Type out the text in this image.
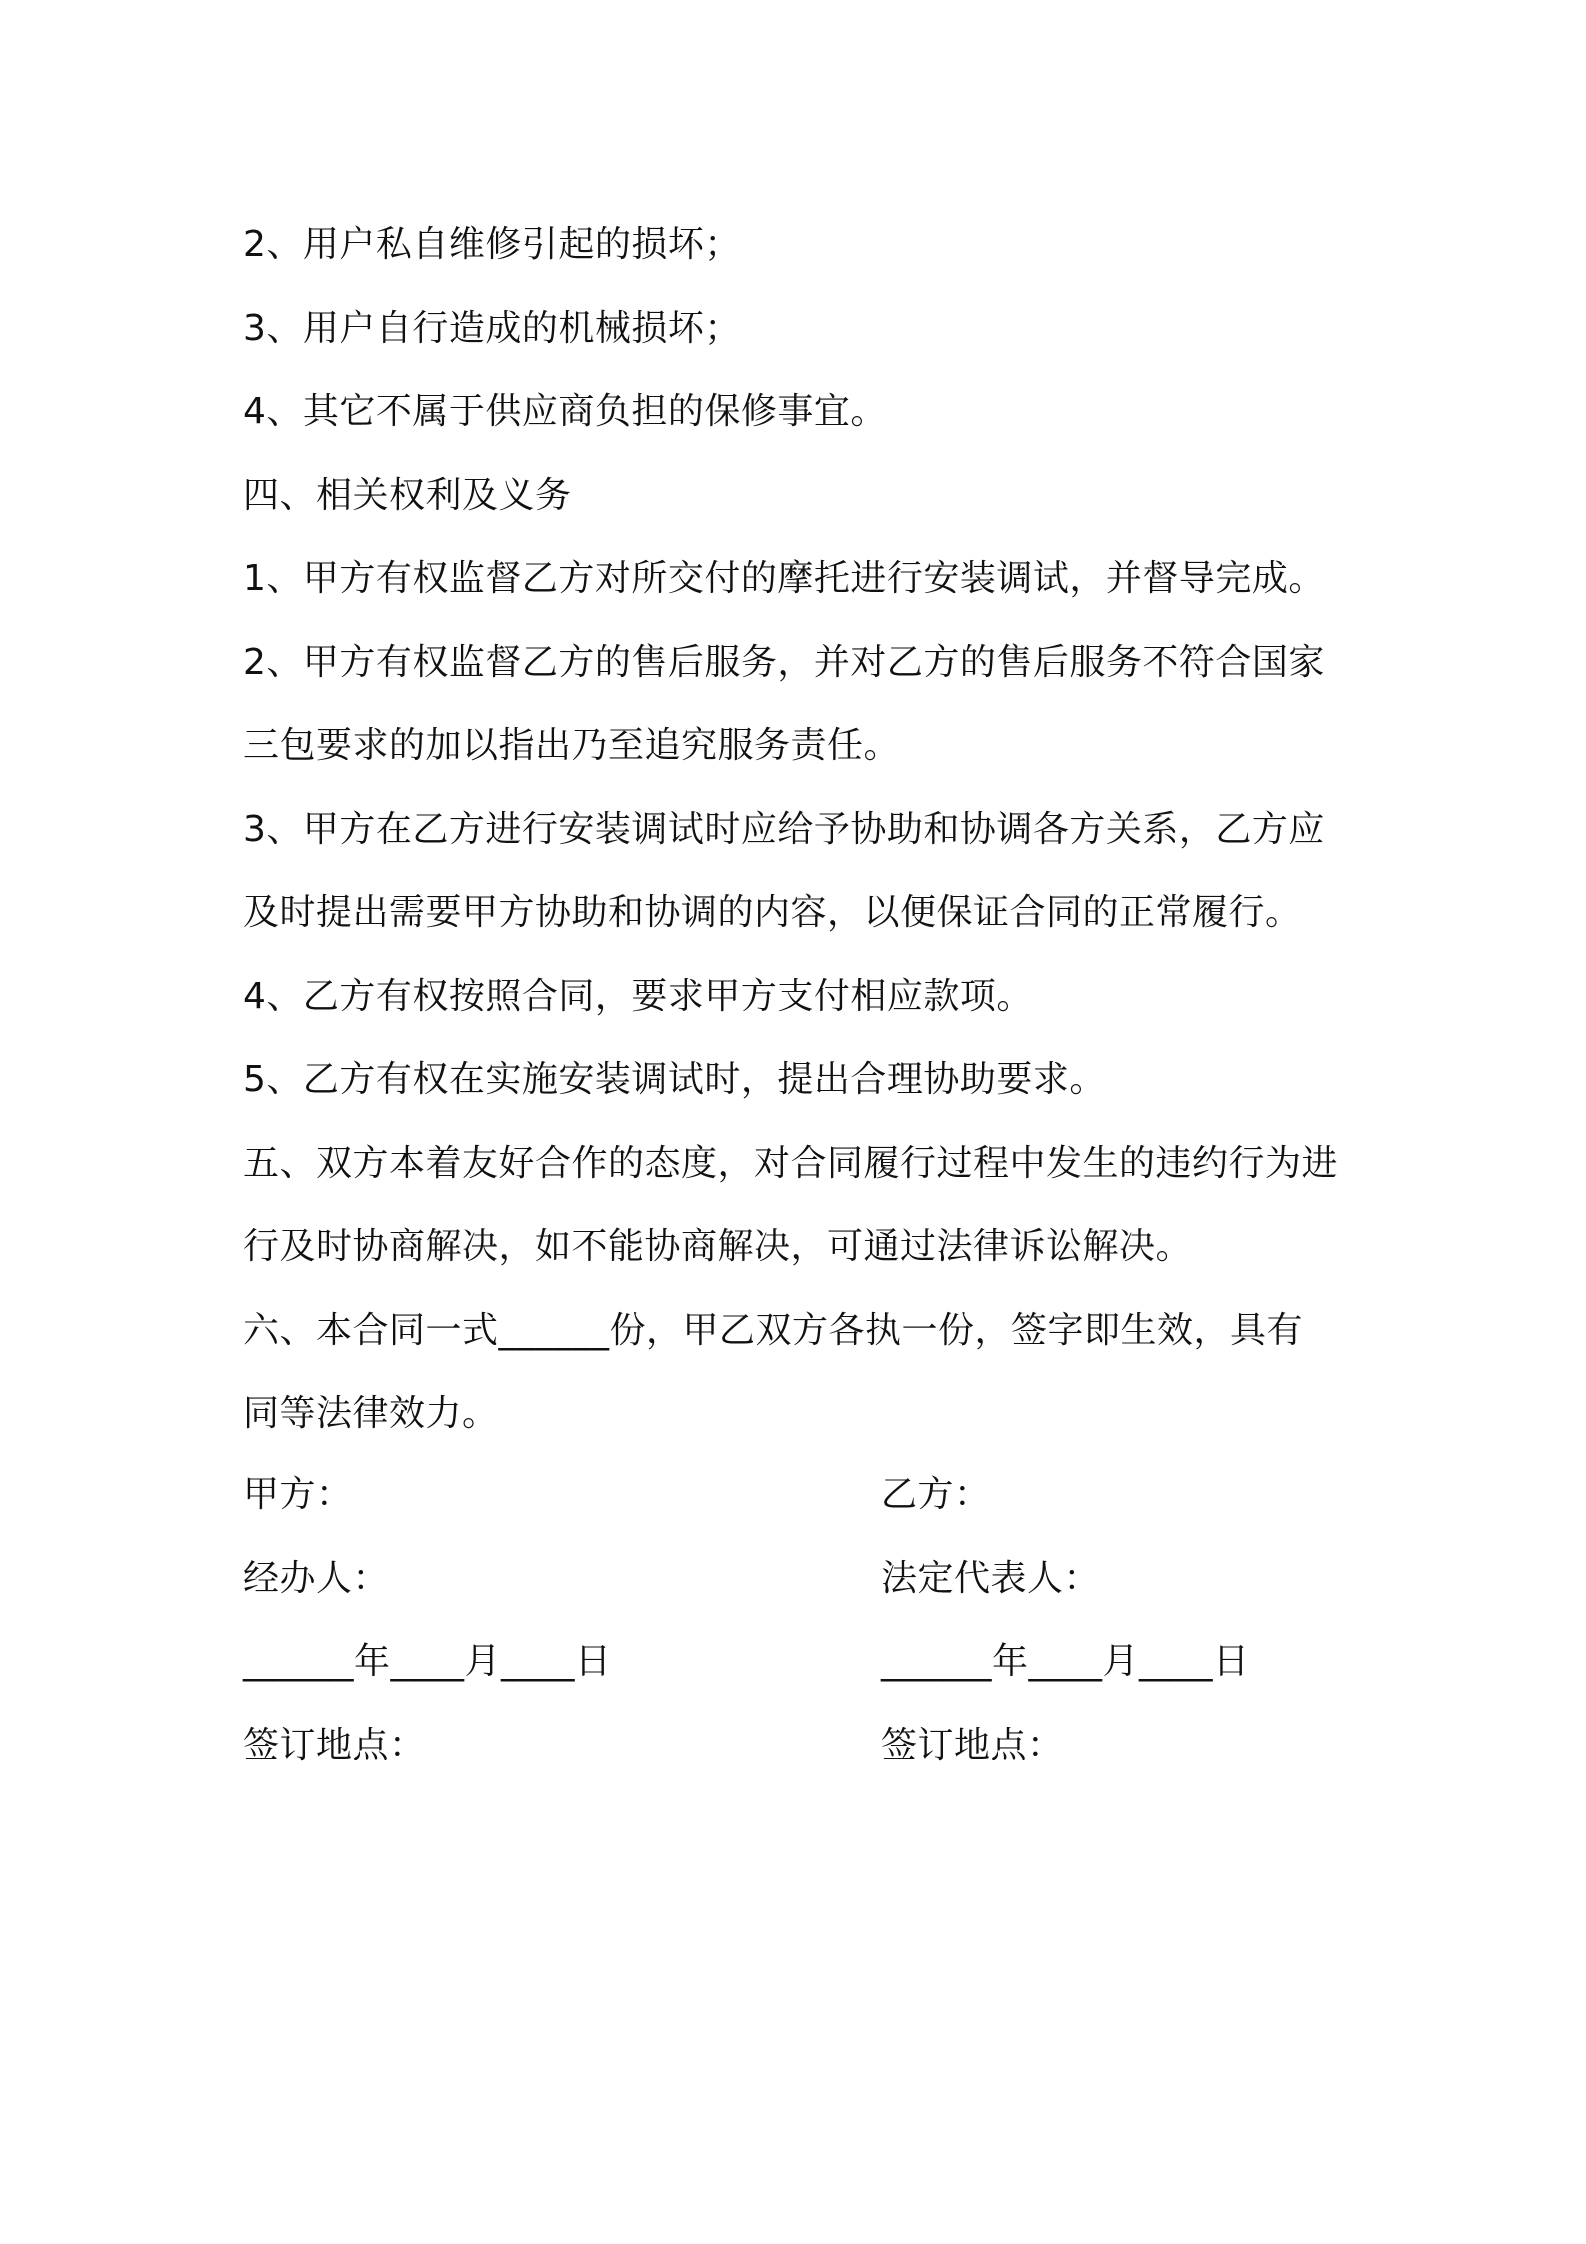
2、用户私自维修引起的损坏；
3、用户自行造成的机械损坏；
4、其它不属于供应商负担的保修事宜。
四、相关权利及义务
1、甲方有权监督乙方对所交付的摩托进行安装调试，并督导完成。
2、甲方有权监督乙方的售后服务，并对乙方的售后服务不符合国家
三包要求的加以指出乃至追究服务责任。
3、甲方在乙方进行安装调试时应给予协助和协调各方关系，乙方应
及时提出需要甲方协助和协调的内容，以便保证合同的正常履行。
4、乙方有权按照合同，要求甲方支付相应款项。
5、乙方有权在实施安装调试时，提出合理协助要求。
五、双方本着友好合作的态度，对合同履行过程中发生的违约行为进
行及时协商解决，如不能协商解决，可通过法律诉讼解决。
六、本合同一式______份，甲乙双方各执一份，签字即生效，具有
同等法律效力。
甲方：	乙方：
经办人：	法定代表人：
______年____月____日	______年____月____日
签订地点：	签订地点：
